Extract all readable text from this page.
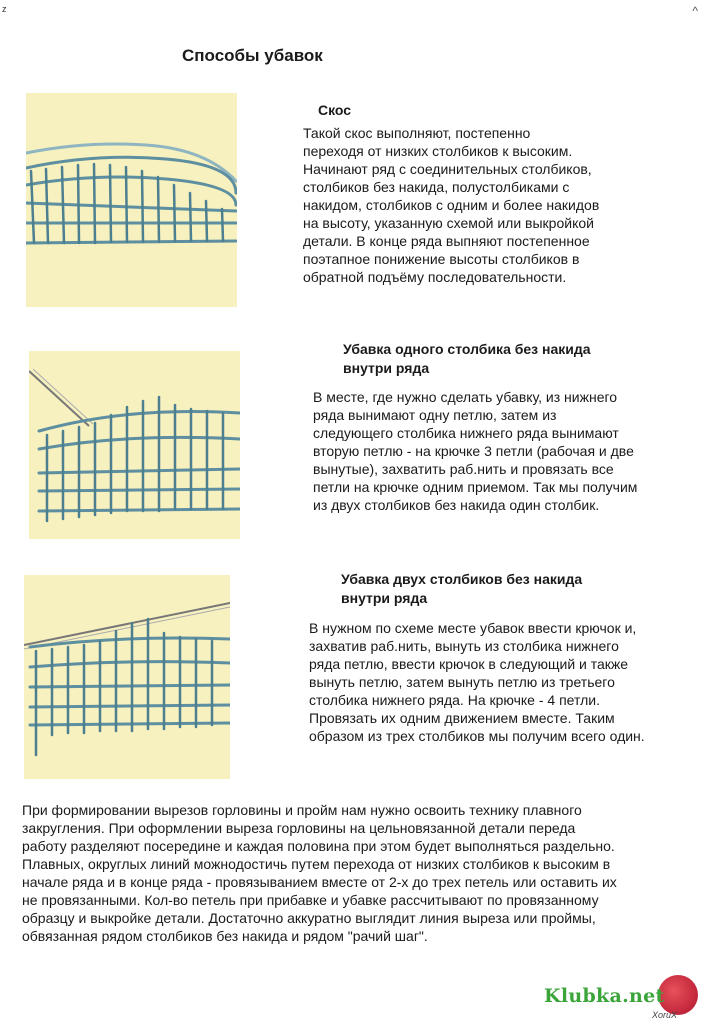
z	^
Способы убавок
Скос
Такой скос выполняют, постепенно
переходя от низких столбиков к высоким.
Начинают ряд с соединительных столбиков,
столбиков без накида, полустолбиками с
накидом, столбиков с одним и более накидов
на высоту, указанную схемой или выкройкой
детали. В конце ряда выпняют постепенное
поэтапное понижение высоты столбиков в
обратной подъёму последовательности.
Убавка одного столбика без накида
внутри ряда
В месте, где нужно сделать убавку, из нижнего
ряда вынимают одну петлю, затем из
следующего столбика нижнего ряда вынимают
вторую петлю - на крючке 3 петли (рабочая и две
вынутые), захватить раб.нить и провязать все
петли на крючке одним приемом. Так мы получим
из двух столбиков без накида один столбик.
Убавка двух столбиков без накида
внутри ряда
В нужном по схеме месте убавок ввести крючок и,
захватив раб.нить, вынуть из столбика нижнего
ряда петлю, ввести крючок в следующий и также
вынуть петлю, затем вынуть петлю из третьего
столбика нижнего ряда. На крючке - 4 петли.
Провязать их одним движением вместе. Таким
образом из трех столбиков мы получим всего один.
При формировании вырезов горловины и пройм нам нужно освоить технику плавного
закругления. При оформлении выреза горловины на цельновязанной детали переда
работу разделяют посередине и каждая половина при этом будет выполняться раздельно.
Плавных, округлых линий можнодостичь путем перехода от низких столбиков к высоким в
начале ряда и в конце ряда - провязыванием вместе от 2-х до трех петель или оставить их
не провязанными. Кол-во петель при прибавке и убавке рассчитывают по провязанному
образцу и выкройке детали. Достаточно аккуратно выглядит линия выреза или проймы,
обвязанная рядом столбиков без накида и рядом "рачий шаг".
Klubka.net
XoruX
